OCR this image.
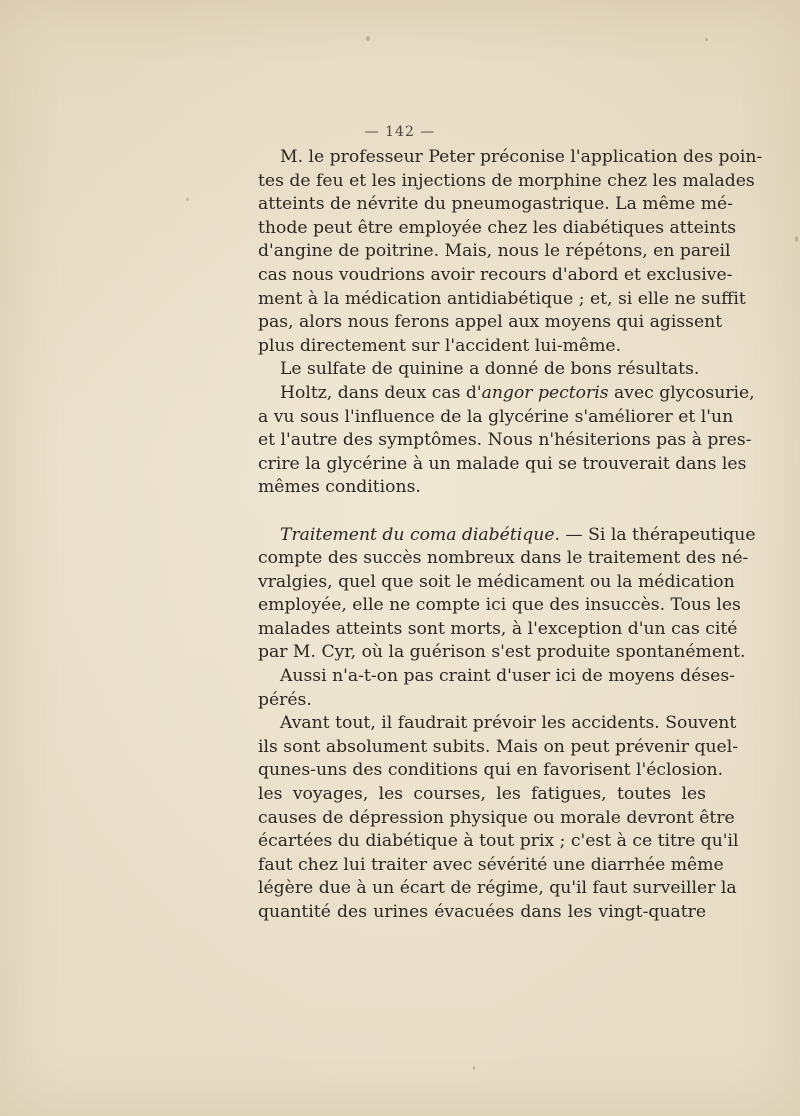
— 142 —
M. le professeur Peter préconise l'application des poin-
tes de feu et les injections de morphine chez les malades
atteints de névrite du pneumogastrique. La même mé-
thode peut être employée chez les diabétiques atteints
d'angine de poitrine. Mais, nous le répétons, en pareil
cas nous voudrions avoir recours d'abord et exclusive-
ment à la médication antidiabétique ; et, si elle ne suffit
pas, alors nous ferons appel aux moyens qui agissent
plus directement sur l'accident lui-même.
Le sulfate de quinine a donné de bons résultats.
Holtz, dans deux cas d'angor pectoris avec glycosurie,
a vu sous l'influence de la glycérine s'améliorer et l'un
et l'autre des symptômes. Nous n'hésiterions pas à pres-
crire la glycérine à un malade qui se trouverait dans les
mêmes conditions.
Traitement du coma diabétique. — Si la thérapeutique
compte des succès nombreux dans le traitement des né-
vralgies, quel que soit le médicament ou la médication
employée, elle ne compte ici que des insuccès. Tous les
malades atteints sont morts, à l'exception d'un cas cité
par M. Cyr, où la guérison s'est produite spontanément.
Aussi n'a-t-on pas craint d'user ici de moyens déses-
pérés.
Avant tout, il faudrait prévoir les accidents. Souvent
ils sont absolument subits. Mais on peut prévenir quel-
qunes-uns des conditions qui en favorisent l'éclosion.
les voyages, les courses, les fatigues, toutes les
causes de dépression physique ou morale devront être
écartées du diabétique à tout prix ; c'est à ce titre qu'il
faut chez lui traiter avec sévérité une diarrhée même
légère due à un écart de régime, qu'il faut surveiller la
quantité des urines évacuées dans les vingt-quatre
